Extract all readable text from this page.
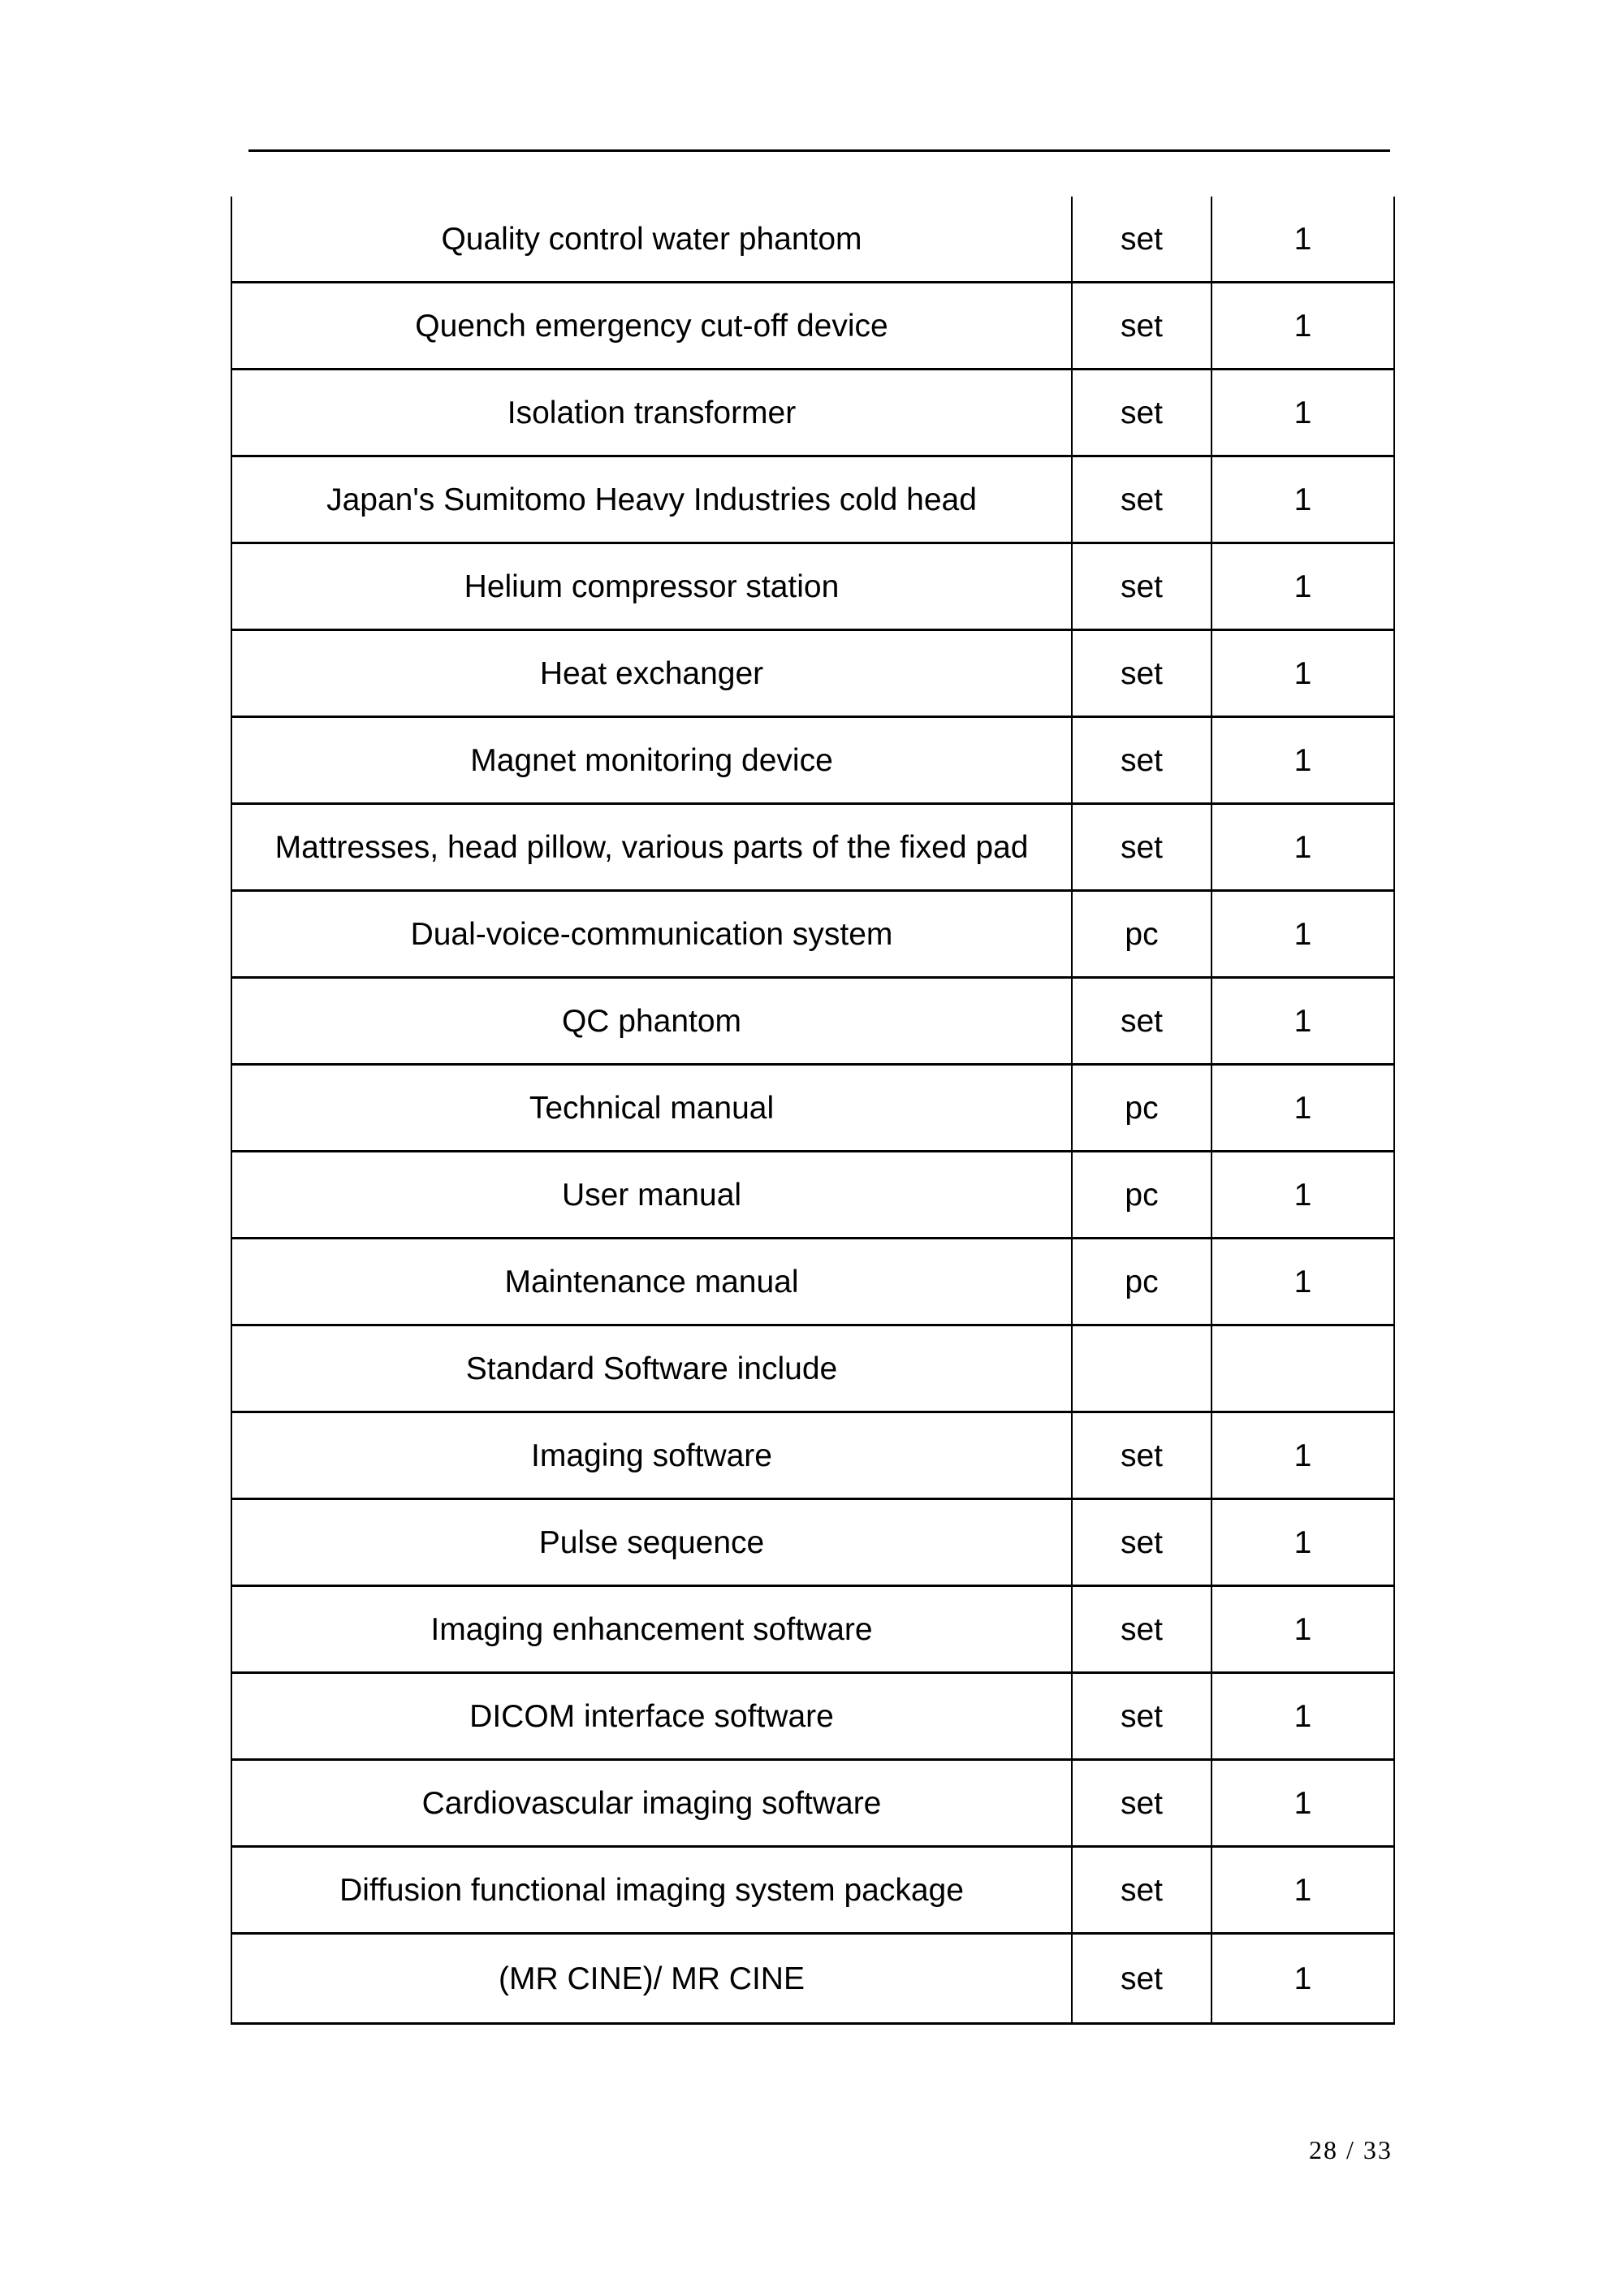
Quality control water phantom	set	1
Quench emergency cut-off device	set	1
Isolation transformer	set	1
Japan's Sumitomo Heavy Industries cold head	set	1
Helium compressor station	set	1
Heat exchanger	set	1
Magnet monitoring device	set	1
Mattresses, head pillow, various parts of the fixed pad	set	1
Dual-voice-communication system	pc	1
QC phantom	set	1
Technical manual	pc	1
User manual	pc	1
Maintenance manual	pc	1
Standard Software include		
Imaging software	set	1
Pulse sequence	set	1
Imaging enhancement software	set	1
DICOM interface software	set	1
Cardiovascular imaging software	set	1
Diffusion functional imaging system package	set	1
(MR CINE)/ MR CINE	set	1

28 / 33
